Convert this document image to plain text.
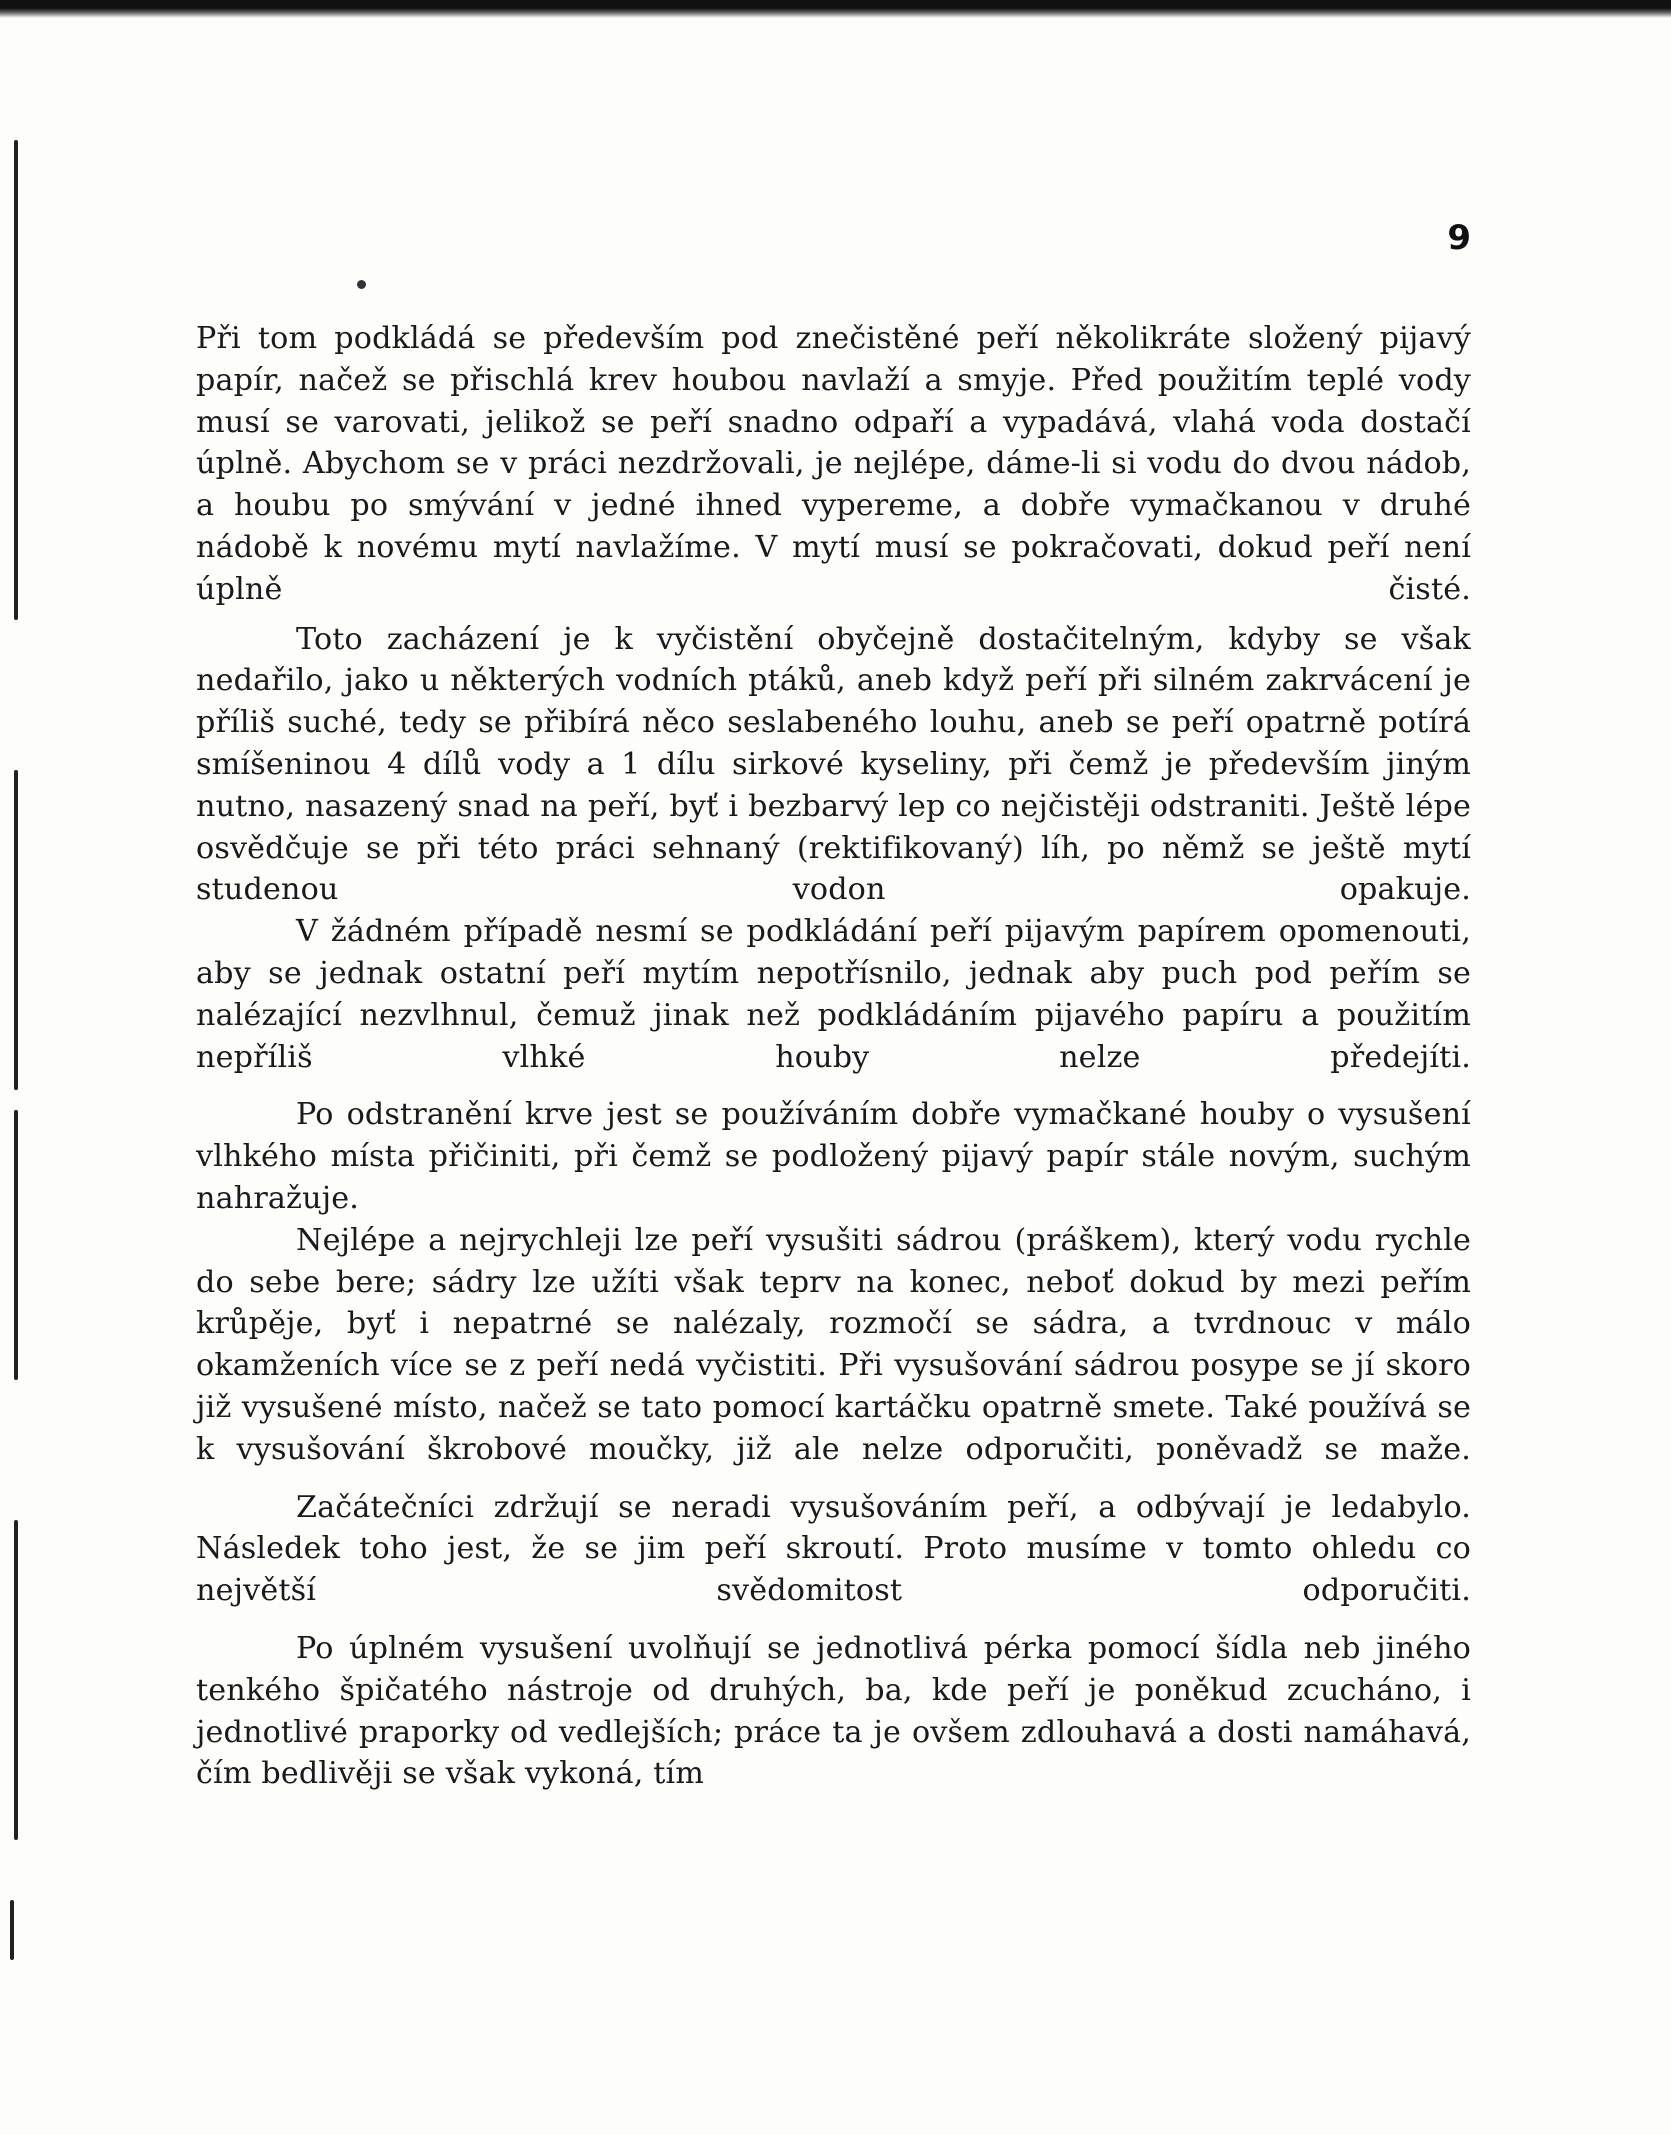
9

Při tom podkládá se především pod znečistěné peří několikráte složený pijavý papír, načež se přischlá krev houbou navlaží a smyje. Před použitím teplé vody musí se varovati, jelikož se peří snadno odpaří a vypadává, vlahá voda dostačí úplně. Abychom se v práci nezdržovali, je nejlépe, dáme-li si vodu do dvou nádob, a houbu po smývání v jedné ihned vypereme, a dobře vymačkanou v druhé nádobě k novému mytí navlažíme. V mytí musí se pokračovati, dokud peří není úplně čisté.

Toto zacházení je k vyčistění obyčejně dostačitelným, kdyby se však nedařilo, jako u některých vodních ptáků, aneb když peří při silném zakrvácení je příliš suché, tedy se přibírá něco seslabeného louhu, aneb se peří opatrně potírá smíšeninou 4 dílů vody a 1 dílu sirkové kyseliny, při čemž je především jiným nutno, nasazený snad na peří, byť i bezbarvý lep co nejčistěji odstraniti. Ještě lépe osvědčuje se při této práci sehnaný (rektifikovaný) líh, po němž se ještě mytí studenou vodon opakuje.

V žádném případě nesmí se podkládání peří pijavým papírem opomenouti, aby se jednak ostatní peří mytím nepotřísnilo, jednak aby puch pod peřím se nalézající nezvlhnul, čemuž jinak než podkládáním pijavého papíru a použitím nepříliš vlhké houby nelze předejíti.

Po odstranění krve jest se používáním dobře vymačkané houby o vysušení vlhkého místa přičiniti, při čemž se podložený pijavý papír stále novým, suchým nahražuje.

Nejlépe a nejrychleji lze peří vysušiti sádrou (práškem), který vodu rychle do sebe bere; sádry lze užíti však teprv na konec, neboť dokud by mezi peřím krůpěje, byť i nepatrné se nalézaly, rozmočí se sádra, a tvrdnouc v málo okamženích více se z peří nedá vyčistiti. Při vysušování sádrou posype se jí skoro již vysušené místo, načež se tato pomocí kartáčku opatrně smete. Také používá se k vysušování škrobové moučky, již ale nelze odporučiti, poněvadž se maže.

Začátečníci zdržují se neradi vysušováním peří, a odbývají je ledabylo. Následek toho jest, že se jim peří skroutí. Proto musíme v tomto ohledu co největší svědomitost odporučiti.

Po úplném vysušení uvolňují se jednotlivá pérka pomocí šídla neb jiného tenkého špičatého nástroje od druhých, ba, kde peří je poněkud zcucháno, i jednotlivé praporky od vedlejších; práce ta je ovšem zdlouhavá a dosti namáhavá, čím bedlivěji se však vykoná, tím
